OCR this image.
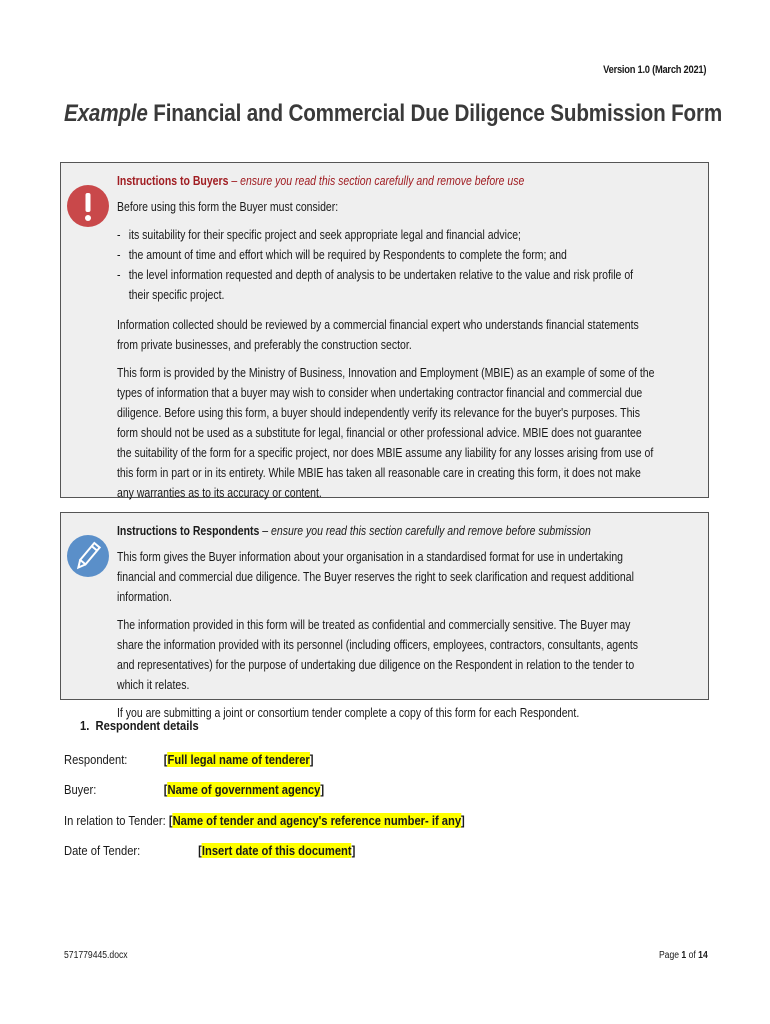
Version 1.0 (March 2021)
Example Financial and Commercial Due Diligence Submission Form

Instructions to Buyers – ensure you read this section carefully and remove before use

Before using this form the Buyer must consider:

- its suitability for their specific project and seek appropriate legal and financial advice;
- the amount of time and effort which will be required by Respondents to complete the form; and
- the level information requested and depth of analysis to be undertaken relative to the value and risk profile of their specific project.

Information collected should be reviewed by a commercial financial expert who understands financial statements from private businesses, and preferably the construction sector.

This form is provided by the Ministry of Business, Innovation and Employment (MBIE) as an example of some of the types of information that a buyer may wish to consider when undertaking contractor financial and commercial due diligence. Before using this form, a buyer should independently verify its relevance for the buyer's purposes. This form should not be used as a substitute for legal, financial or other professional advice. MBIE does not guarantee the suitability of the form for a specific project, nor does MBIE assume any liability for any losses arising from use of this form in part or in its entirety. While MBIE has taken all reasonable care in creating this form, it does not make any warranties as to its accuracy or content.

Instructions to Respondents – ensure you read this section carefully and remove before submission

This form gives the Buyer information about your organisation in a standardised format for use in undertaking financial and commercial due diligence. The Buyer reserves the right to seek clarification and request additional information.

The information provided in this form will be treated as confidential and commercially sensitive. The Buyer may share the information provided with its personnel (including officers, employees, contractors, consultants, agents and representatives) for the purpose of undertaking due diligence on the Respondent in relation to the tender to which it relates.

If you are submitting a joint or consortium tender complete a copy of this form for each Respondent.

1. Respondent details
Respondent:	[Full legal name of tenderer]
Buyer:	[Name of government agency]
In relation to Tender: [Name of tender and agency's reference number- if any]
Date of Tender:	[Insert date of this document]
571779445.docx	Page 1 of 14
